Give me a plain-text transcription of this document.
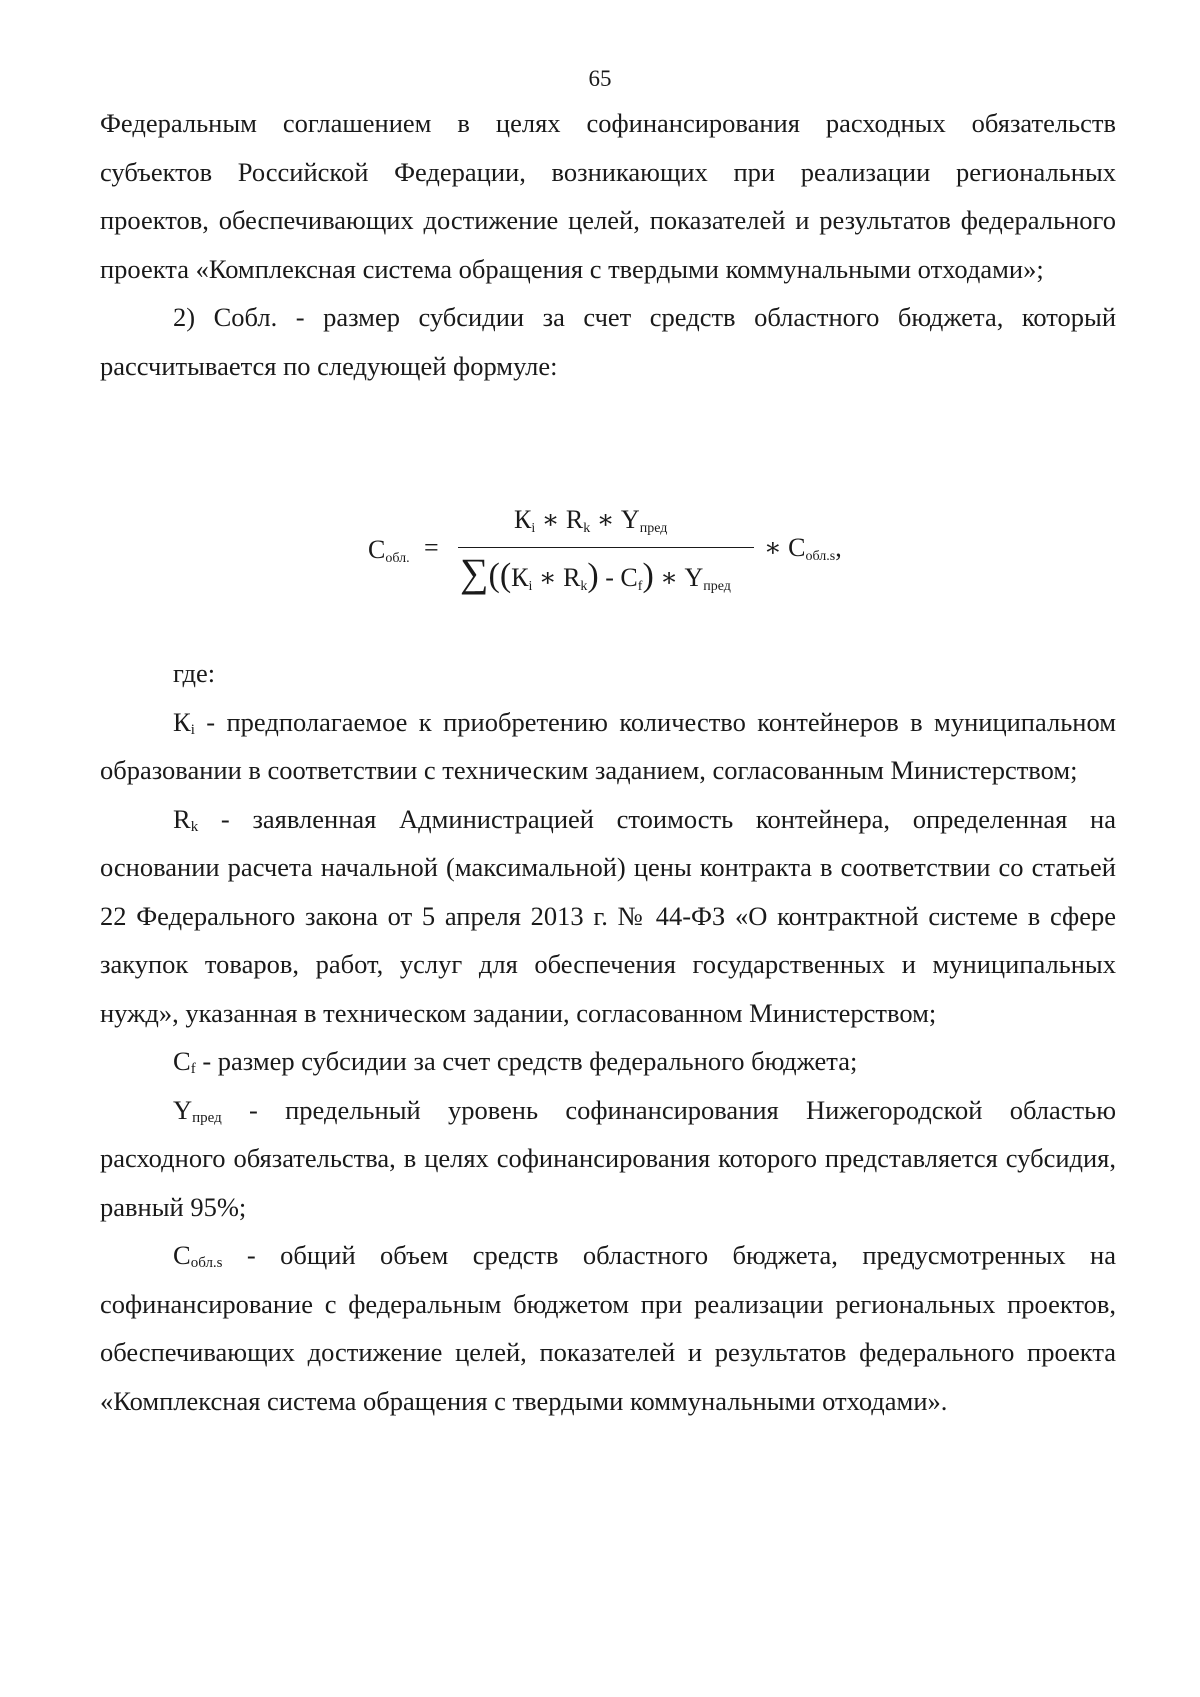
65

Федеральным соглашением в целях софинансирования расходных обязательств субъектов Российской Федерации, возникающих при реализации региональных проектов, обеспечивающих достижение целей, показателей и результатов федерального проекта «Комплексная система обращения с твердыми коммунальными отходами»;

2) Собл. - размер субсидии за счет средств областного бюджета, который рассчитывается по следующей формуле:

Собл. =
Кi ∗ Rk ∗ Yпред
∑((Кi ∗ Rk) - Cf) ∗ Yпред
∗ Собл.s,

где:

$К_i$ - предполагаемое к приобретению количество контейнеров в муниципальном образовании в соответствии с техническим заданием, согласованным Министерством;

$R_k$ - заявленная Администрацией стоимость контейнера, определенная на основании расчета начальной (максимальной) цены контракта в соответствии со статьей 22 Федерального закона от 5 апреля 2013 г. № 44-ФЗ «О контрактной системе в сфере закупок товаров, работ, услуг для обеспечения государственных и муниципальных нужд», указанная в техническом задании, согласованном Министерством;

$C_f$ - размер субсидии за счет средств федерального бюджета;

$Y_{пред}$ - предельный уровень софинансирования Нижегородской областью расходного обязательства, в целях софинансирования которого представляется субсидия, равный 95%;

$С_{обл.s}$ - общий объем средств областного бюджета, предусмотренных на софинансирование с федеральным бюджетом при реализации региональных проектов, обеспечивающих достижение целей, показателей и результатов федерального проекта «Комплексная система обращения с твердыми коммунальными отходами».
